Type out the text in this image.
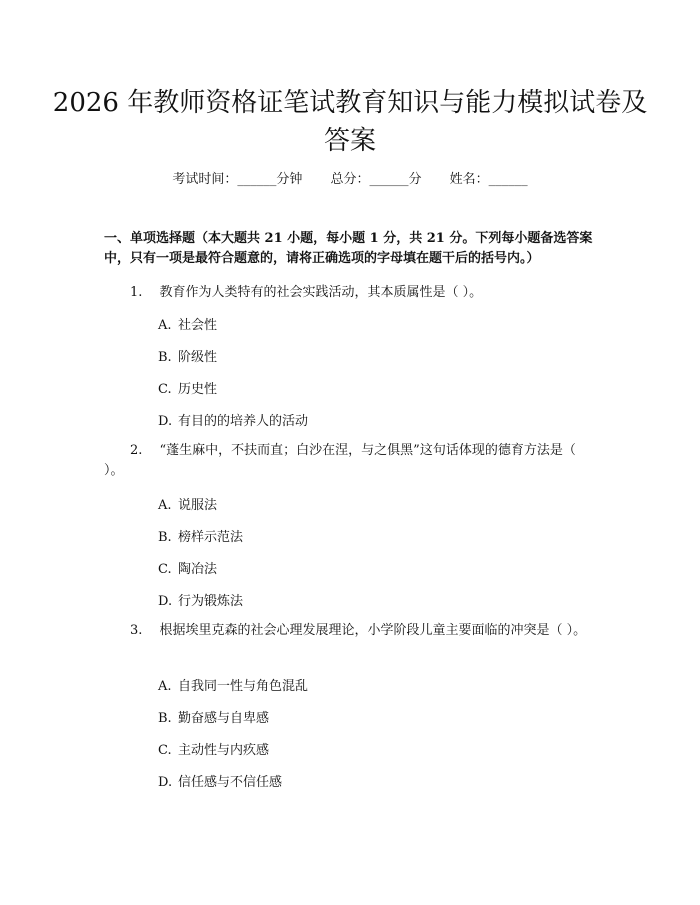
2026 年教师资格证笔试教育知识与能力模拟试卷及答案
考试时间：______分钟 总分：______分 姓名：______
一、单项选择题（本大题共 21 小题，每小题 1 分，共 21 分。下列每小题备选答案中，只有一项是最符合题意的，请将正确选项的字母填在题干后的括号内。）
1.　 教育作为人类特有的社会实践活动，其本质属性是（ ）。
A. 社会性
B. 阶级性
C. 历史性
D. 有目的的培养人的活动
2.　 “蓬生麻中，不扶而直；白沙在涅，与之俱黑”这句话体现的德育方法是（ ）。
A. 说服法
B. 榜样示范法
C. 陶冶法
D. 行为锻炼法
3.　 根据埃里克森的社会心理发展理论，小学阶段儿童主要面临的冲突是（ ）。
A. 自我同一性与角色混乱
B. 勤奋感与自卑感
C. 主动性与内疚感
D. 信任感与不信任感
